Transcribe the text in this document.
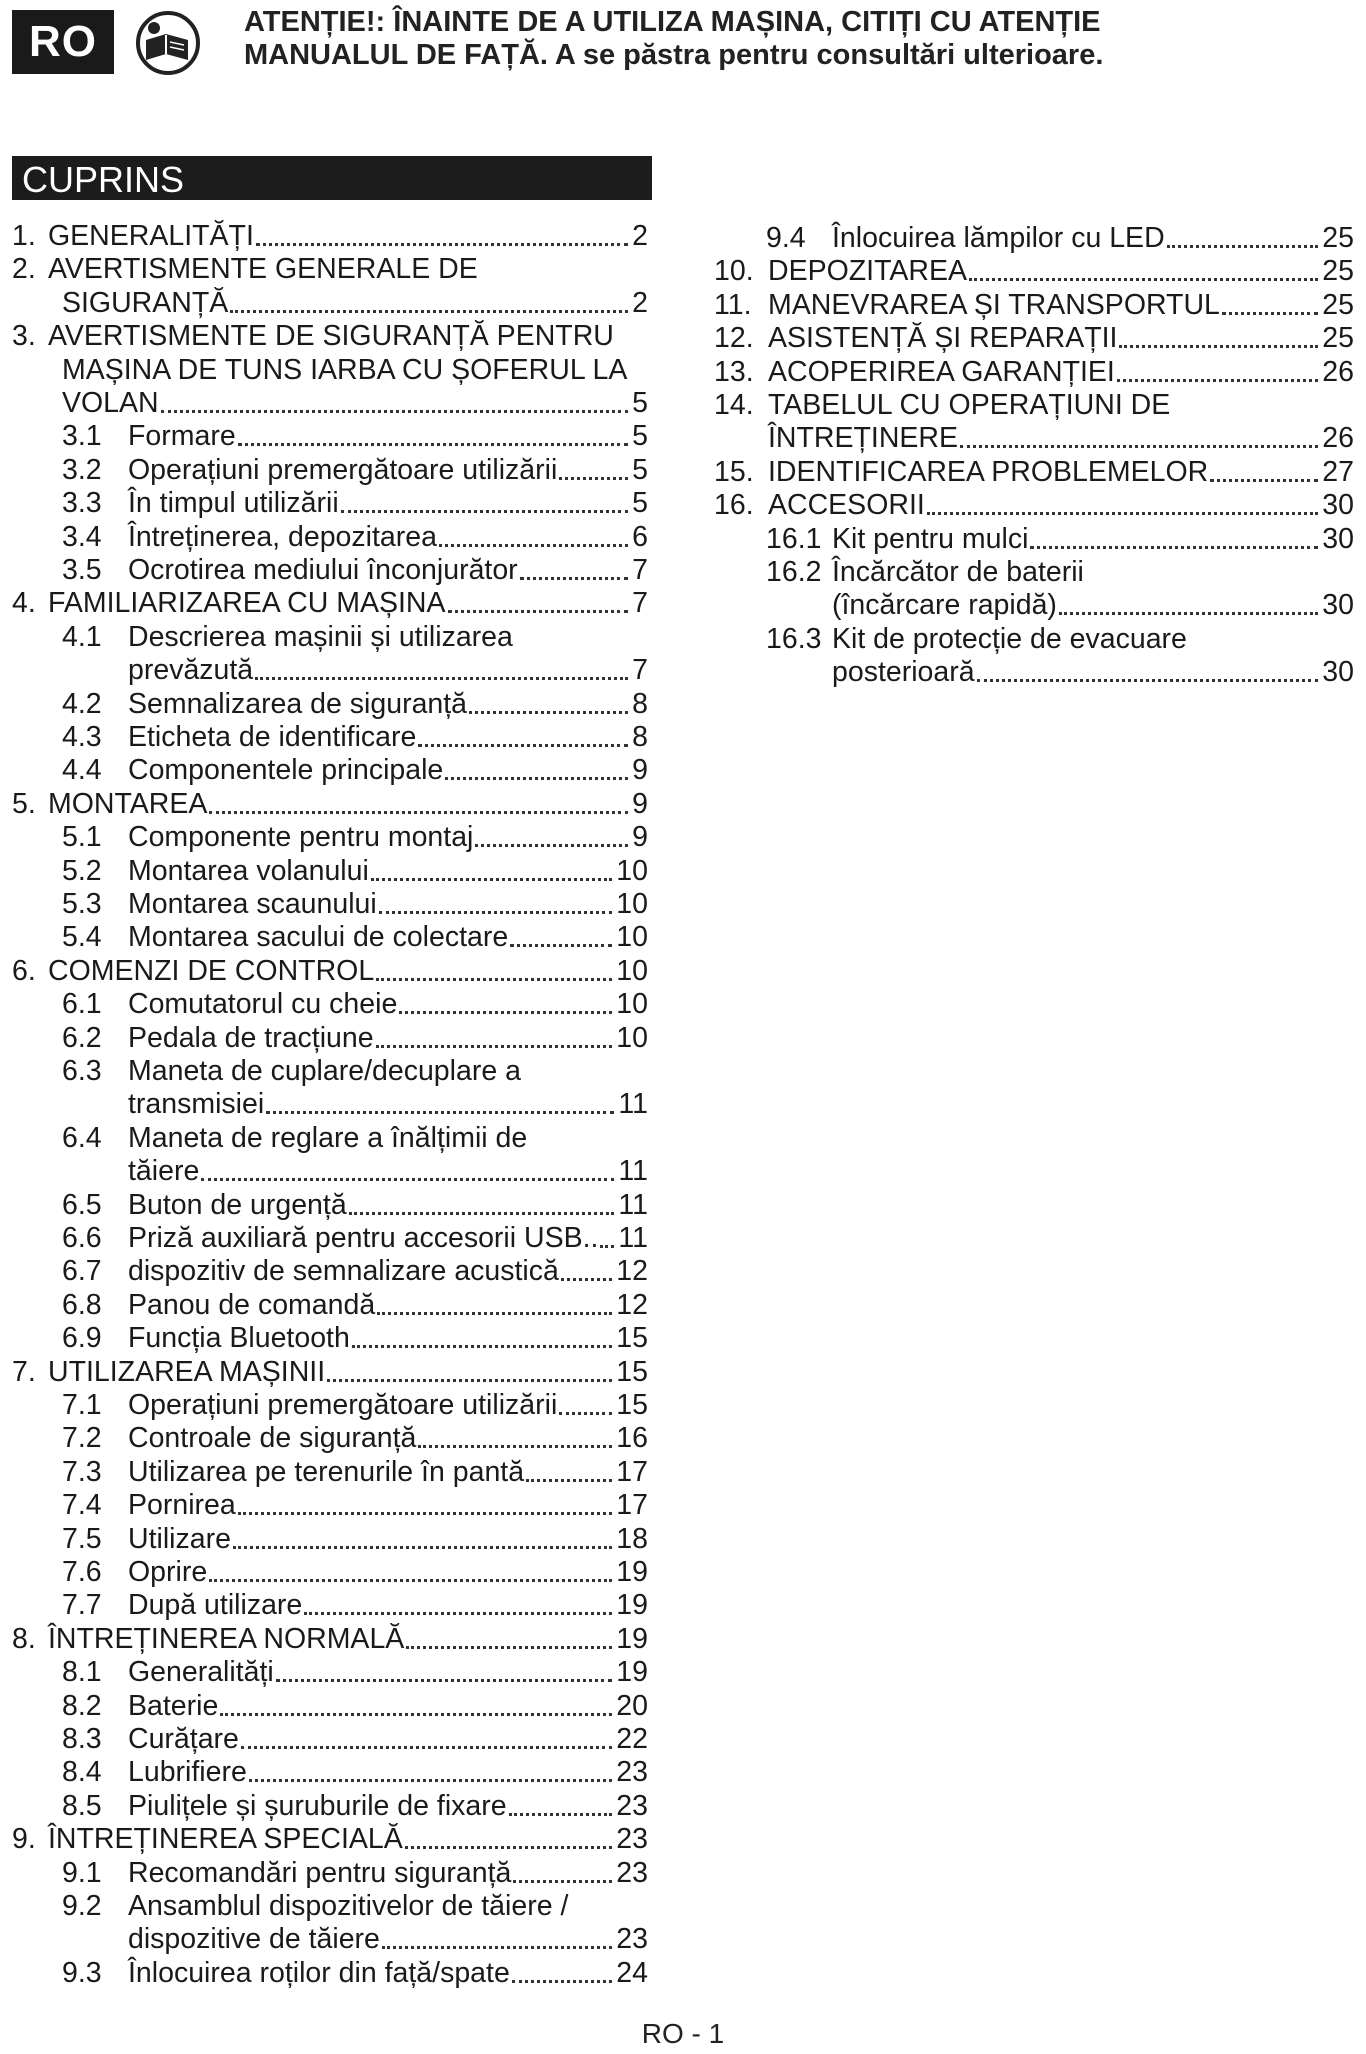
RO	ATENȚIE!: ÎNAINTE DE A UTILIZA MAȘINA, CITIȚI CU ATENȚIE
MANUALUL DE FAȚĂ. A se păstra pentru consultări ulterioare.
CUPRINS
1. GENERALITĂȚI	2
2. AVERTISMENTE GENERALE DE
SIGURANȚĂ	2
3. AVERTISMENTE DE SIGURANȚĂ PENTRU
MAȘINA DE TUNS IARBA CU ȘOFERUL LA
VOLAN	5
3.1 Formare	5
3.2 Operațiuni premergătoare utilizării	5
3.3 În timpul utilizării	5
3.4 Întreținerea, depozitarea	6
3.5 Ocrotirea mediului înconjurător	7
4. FAMILIARIZAREA CU MAȘINA	7
4.1 Descrierea mașinii și utilizarea
prevăzută	7
4.2 Semnalizarea de siguranță	8
4.3 Eticheta de identificare	8
4.4 Componentele principale	9
5. MONTAREA	9
5.1 Componente pentru montaj	9
5.2 Montarea volanului	10
5.3 Montarea scaunului	10
5.4 Montarea sacului de colectare	10
6. COMENZI DE CONTROL	10
6.1 Comutatorul cu cheie	10
6.2 Pedala de tracțiune	10
6.3 Maneta de cuplare/decuplare a
transmisiei	11
6.4 Maneta de reglare a înălțimii de
tăiere	11
6.5 Buton de urgență	11
6.6 Priză auxiliară pentru accesorii USB.. 11
6.7 dispozitiv de semnalizare acustică 12
6.8 Panou de comandă	12
6.9 Funcția Bluetooth	15
7. UTILIZAREA MAȘINII	15
7.1 Operațiuni premergătoare utilizării 15
7.2 Controale de siguranță	16
7.3 Utilizarea pe terenurile în pantă	17
7.4 Pornirea	17
7.5 Utilizare	18
7.6 Oprire	19
7.7 După utilizare	19
8. ÎNTREȚINEREA NORMALĂ	19
8.1 Generalități	19
8.2 Baterie	20
8.3 Curățare	22
8.4 Lubrifiere	23
8.5 Piulițele și șuruburile de fixare	23
9. ÎNTREȚINEREA SPECIALĂ	23
9.1 Recomandări pentru siguranță	23
9.2 Ansamblul dispozitivelor de tăiere /
dispozitive de tăiere	23
9.3 Înlocuirea roților din față/spate	24
9.4 Înlocuirea lămpilor cu LED	25
10. DEPOZITAREA	25
11. MANEVRAREA ȘI TRANSPORTUL	25
12. ASISTENȚĂ ȘI REPARAȚII	25
13. ACOPERIREA GARANȚIEI	26
14. TABELUL CU OPERAȚIUNI DE
ÎNTREȚINERE	26
15. IDENTIFICAREA PROBLEMELOR	27
16. ACCESORII	30
16.1 Kit pentru mulci	30
16.2 Încărcător de baterii
(încărcare rapidă)	30
16.3 Kit de protecție de evacuare
posterioară	30
RO - 1
